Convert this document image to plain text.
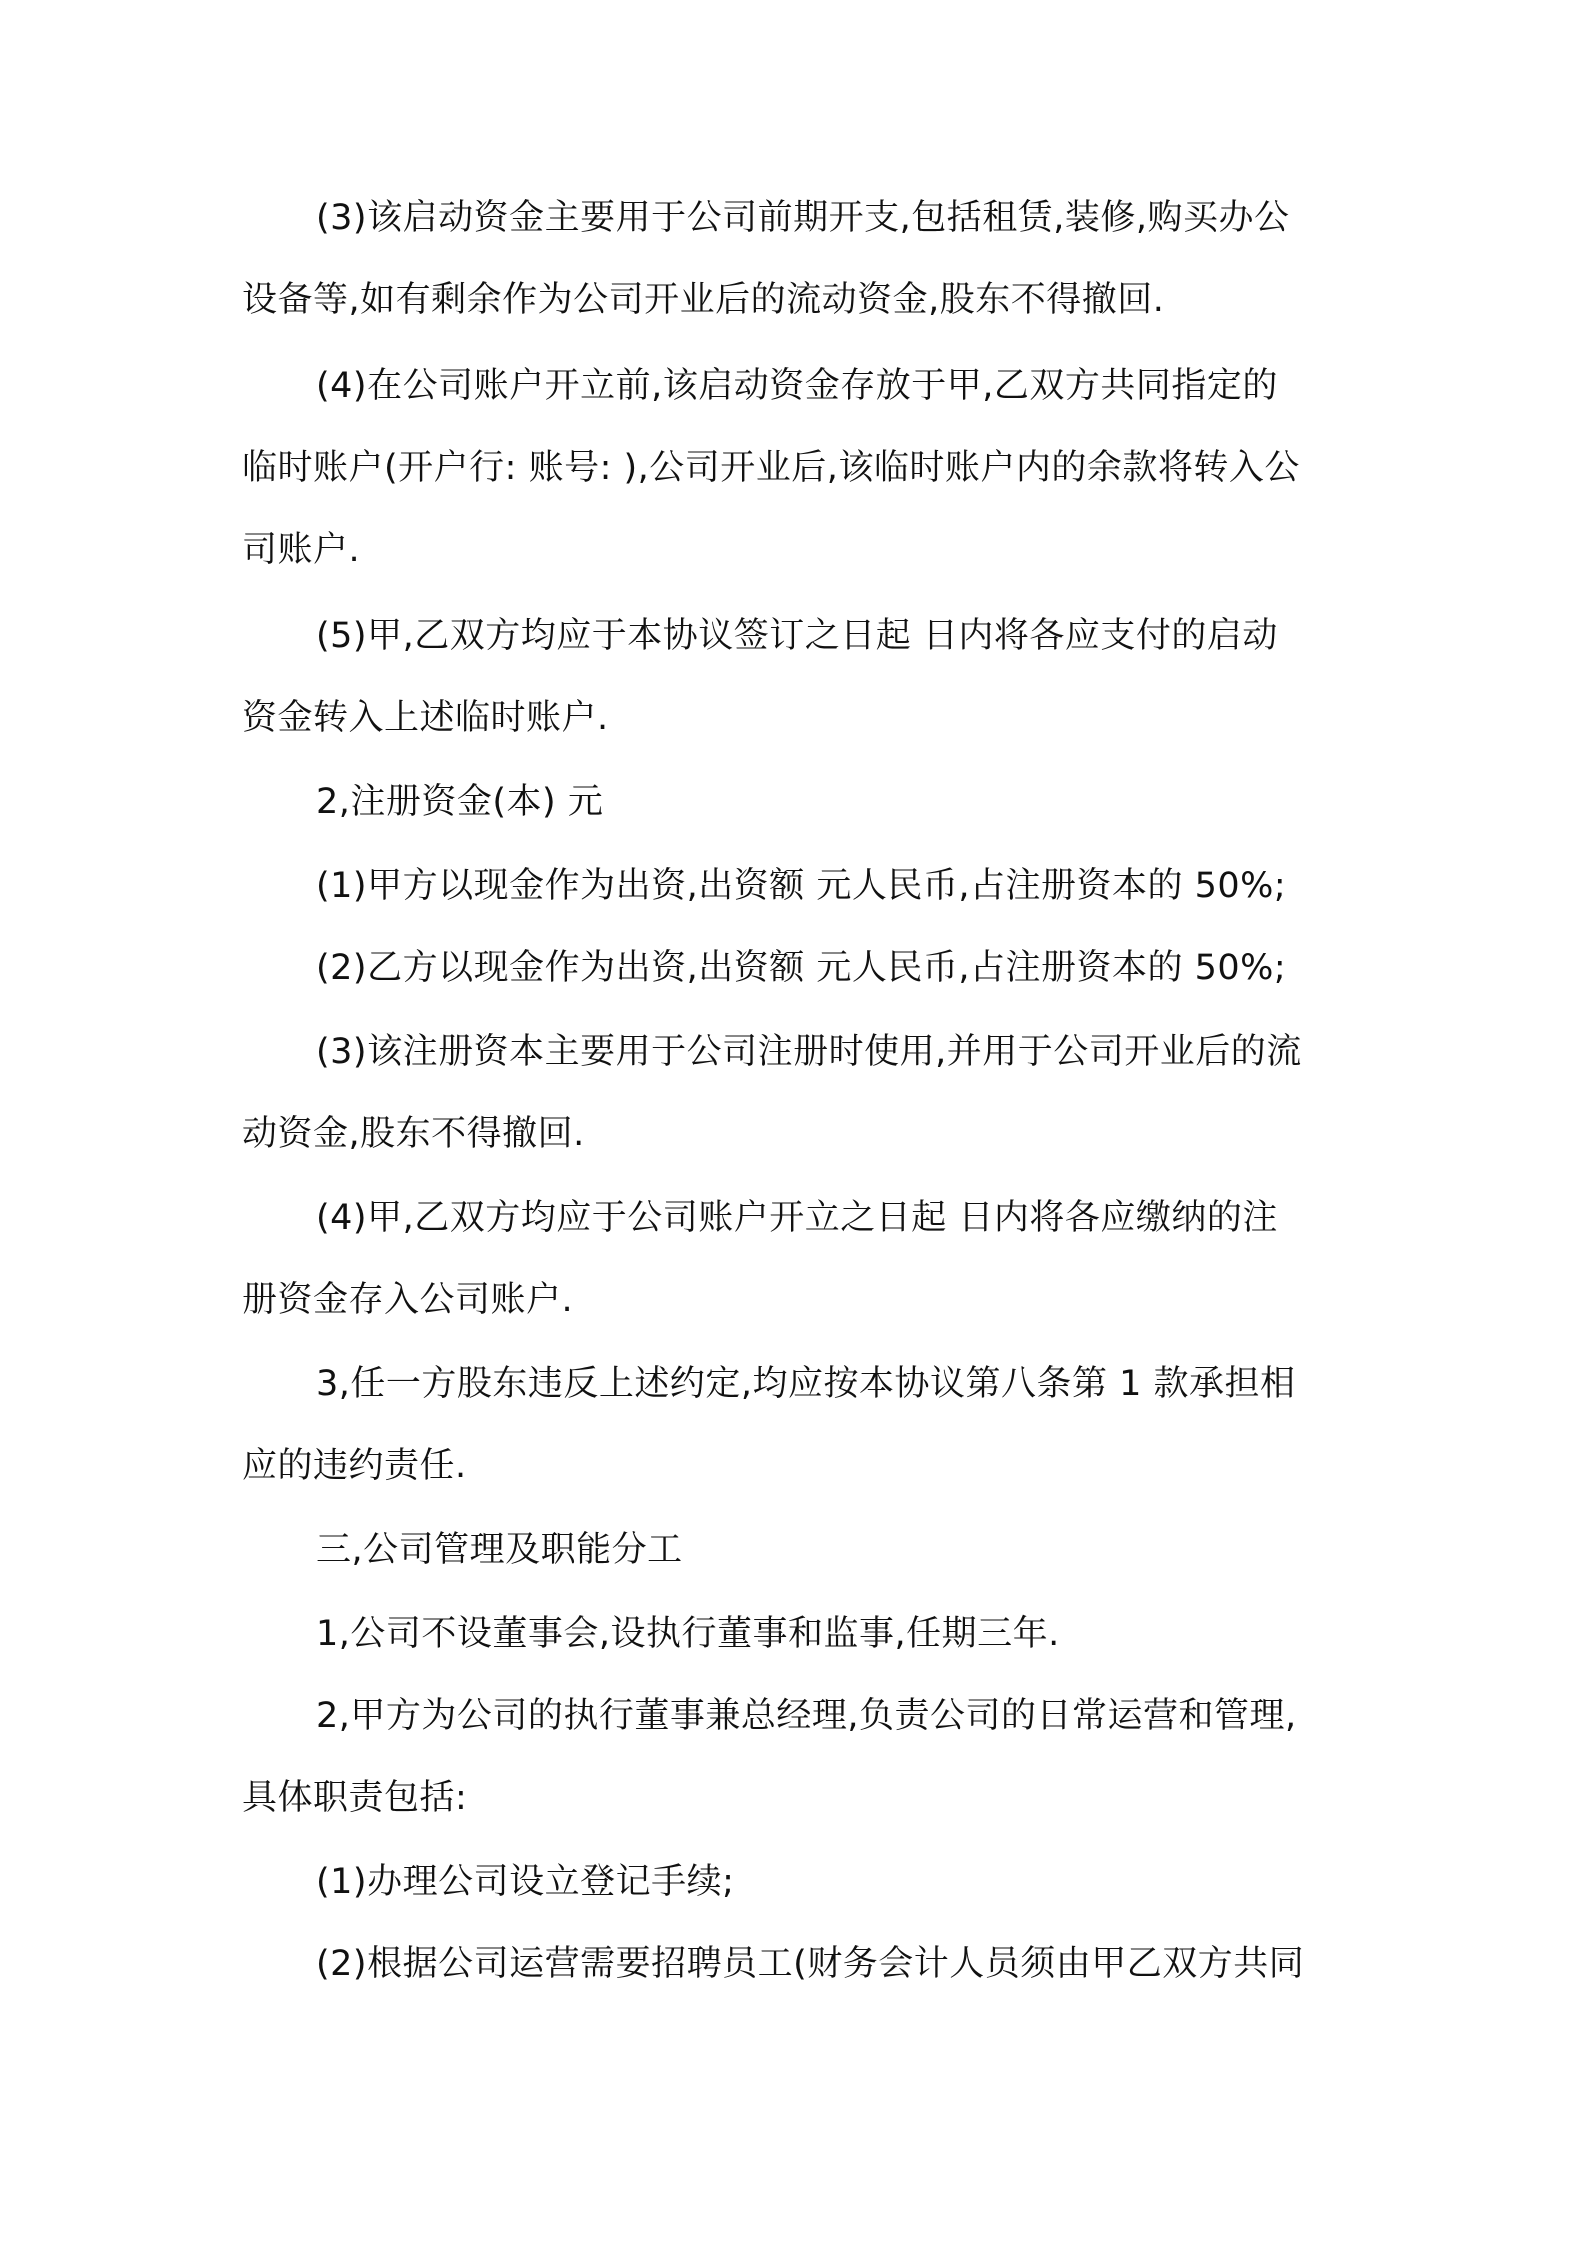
(3)该启动资金主要用于公司前期开支,包括租赁,装修,购买办公
设备等,如有剩余作为公司开业后的流动资金,股东不得撤回.
(4)在公司账户开立前,该启动资金存放于甲,乙双方共同指定的
临时账户(开户行: 账号: ),公司开业后,该临时账户内的余款将转入公
司账户.
(5)甲,乙双方均应于本协议签订之日起 日内将各应支付的启动
资金转入上述临时账户.
2,注册资金(本) 元
(1)甲方以现金作为出资,出资额 元人民币,占注册资本的 50%;
(2)乙方以现金作为出资,出资额 元人民币,占注册资本的 50%;
(3)该注册资本主要用于公司注册时使用,并用于公司开业后的流
动资金,股东不得撤回.
(4)甲,乙双方均应于公司账户开立之日起 日内将各应缴纳的注
册资金存入公司账户.
3,任一方股东违反上述约定,均应按本协议第八条第 1 款承担相
应的违约责任.
三,公司管理及职能分工
1,公司不设董事会,设执行董事和监事,任期三年.
2,甲方为公司的执行董事兼总经理,负责公司的日常运营和管理,
具体职责包括:
(1)办理公司设立登记手续;
(2)根据公司运营需要招聘员工(财务会计人员须由甲乙双方共同
